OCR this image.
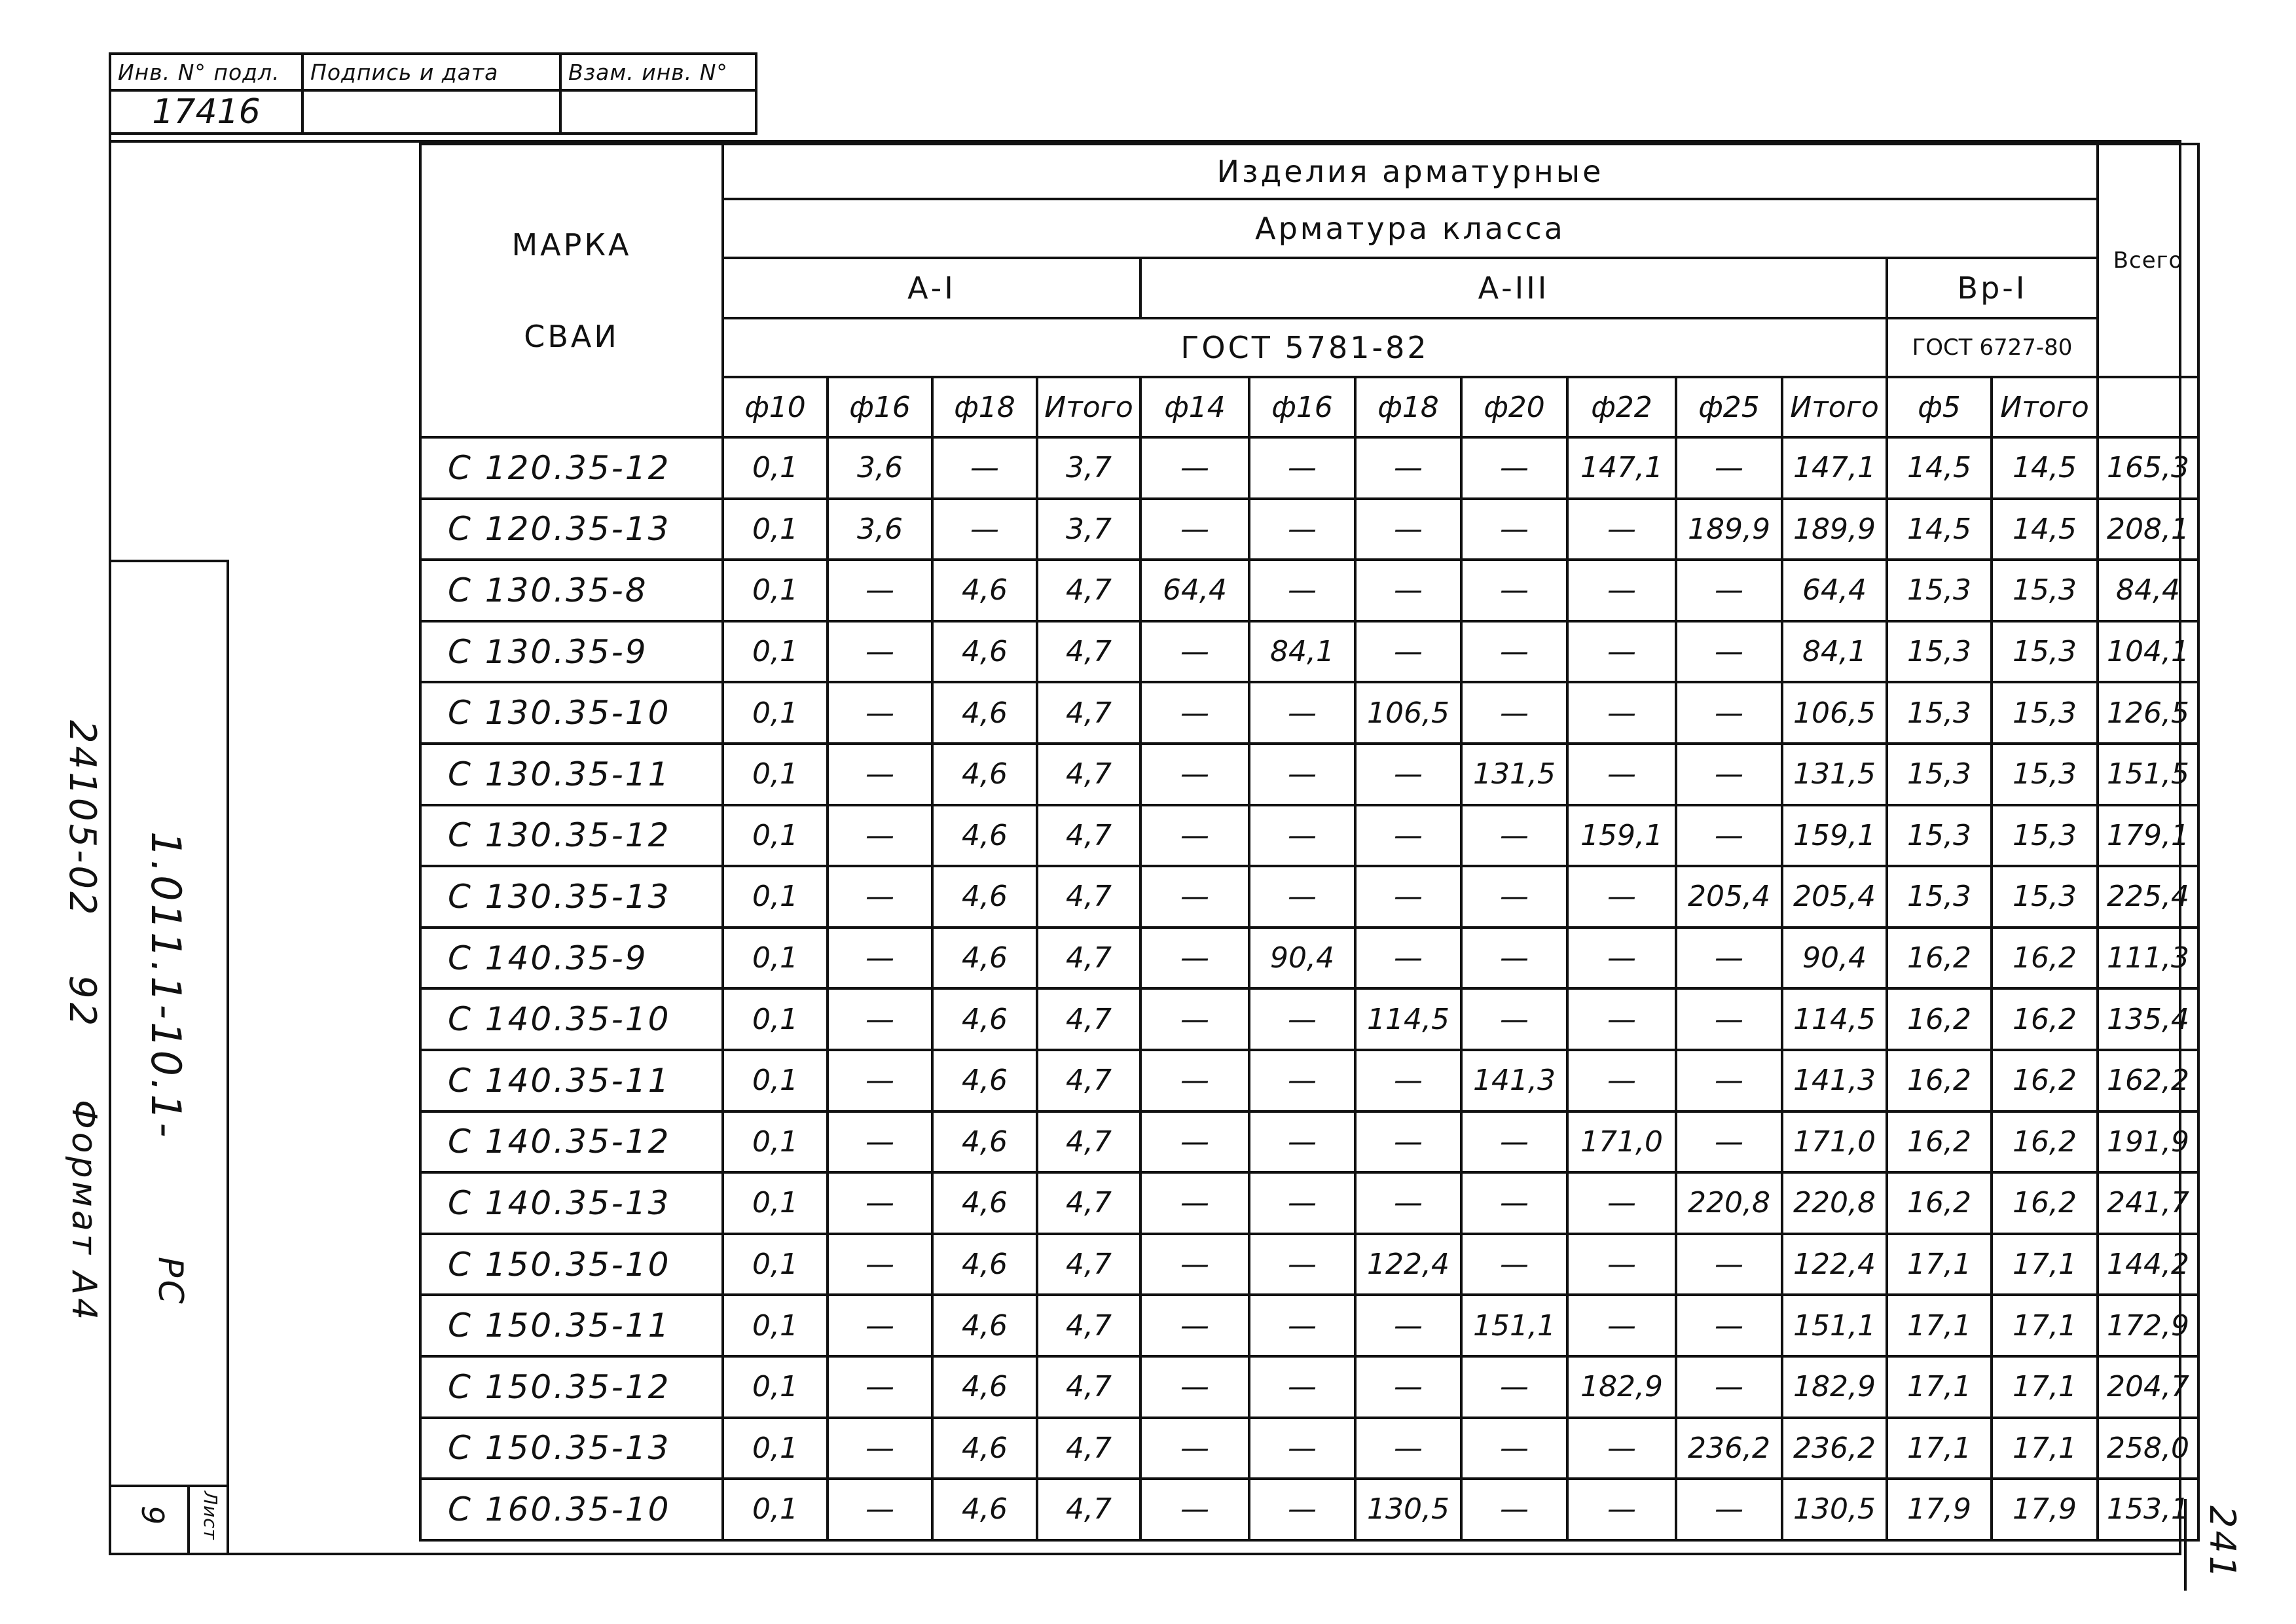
Инв. N° подл.	Подпись и дата	Взам. инв. N°
17416		
МАРКА
СВАИ	Изделия арматурные													Всего
	Арматура класса													
	А-I				А-III							Вр-I		
	ГОСТ 5781-82											ГОСТ 6727-80		
	ф10	ф16	ф18	Итого	ф14	ф16	ф18	ф20	ф22	ф25	Итого	ф5	Итого	
С 120.35-12	0,1	3,6	—	3,7	—	—	—	—	147,1	—	147,1	14,5	14,5	165,3
С 120.35-13	0,1	3,6	—	3,7	—	—	—	—	—	189,9	189,9	14,5	14,5	208,1
С 130.35-8	0,1	—	4,6	4,7	64,4	—	—	—	—	—	64,4	15,3	15,3	84,4
С 130.35-9	0,1	—	4,6	4,7	—	84,1	—	—	—	—	84,1	15,3	15,3	104,1
С 130.35-10	0,1	—	4,6	4,7	—	—	106,5	—	—	—	106,5	15,3	15,3	126,5
С 130.35-11	0,1	—	4,6	4,7	—	—	—	131,5	—	—	131,5	15,3	15,3	151,5
С 130.35-12	0,1	—	4,6	4,7	—	—	—	—	159,1	—	159,1	15,3	15,3	179,1
С 130.35-13	0,1	—	4,6	4,7	—	—	—	—	—	205,4	205,4	15,3	15,3	225,4
С 140.35-9	0,1	—	4,6	4,7	—	90,4	—	—	—	—	90,4	16,2	16,2	111,3
С 140.35-10	0,1	—	4,6	4,7	—	—	114,5	—	—	—	114,5	16,2	16,2	135,4
С 140.35-11	0,1	—	4,6	4,7	—	—	—	141,3	—	—	141,3	16,2	16,2	162,2
С 140.35-12	0,1	—	4,6	4,7	—	—	—	—	171,0	—	171,0	16,2	16,2	191,9
С 140.35-13	0,1	—	4,6	4,7	—	—	—	—	—	220,8	220,8	16,2	16,2	241,7
С 150.35-10	0,1	—	4,6	4,7	—	—	122,4	—	—	—	122,4	17,1	17,1	144,2
С 150.35-11	0,1	—	4,6	4,7	—	—	—	151,1	—	—	151,1	17,1	17,1	172,9
С 150.35-12	0,1	—	4,6	4,7	—	—	—	—	182,9	—	182,9	17,1	17,1	204,7
С 150.35-13	0,1	—	4,6	4,7	—	—	—	—	—	236,2	236,2	17,1	17,1	258,0
С 160.35-10	0,1	—	4,6	4,7	—	—	130,5	—	—	—	130,5	17,9	17,9	153,1
24105-02
1.011.1-10.1-
92
Формат А4 РС
Лист
9	241
